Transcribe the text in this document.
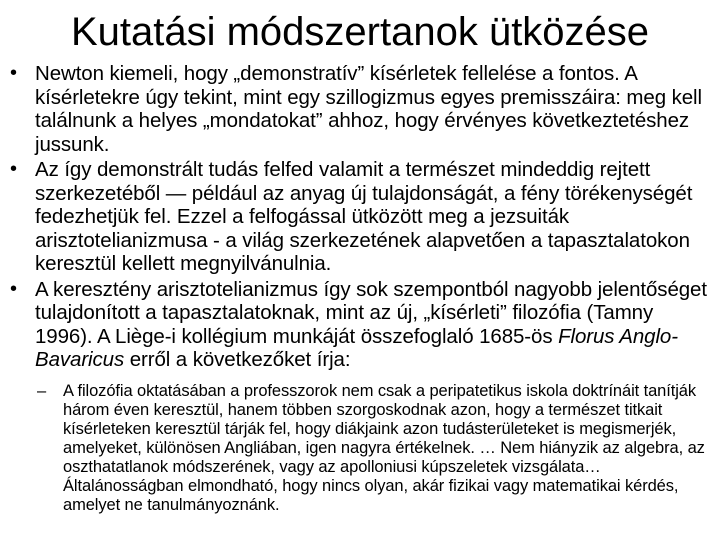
Kutatási módszertanok ütközése
• Newton kiemeli, hogy „demonstratív” kísérletek fellelése a fontos. A kísérletekre úgy tekint, mint egy szillogizmus egyes premisszáira: meg kell találnunk a helyes „mondatokat” ahhoz, hogy érvényes következtetéshez jussunk.
• Az így demonstrált tudás felfed valamit a természet mindeddig rejtett szerkezetéből — például az anyag új tulajdonságát, a fény törékenységét fedezhetjük fel. Ezzel a felfogással ütközött meg a jezsuiták arisztotelianizmusa - a világ szerkezetének alapvetően a tapasztalatokon keresztül kellett megnyilvánulnia.
• A keresztény arisztotelianizmus így sok szempontból nagyobb jelentőséget tulajdonított a tapasztalatoknak, mint az új, „kísérleti” filozófia (Tamny 1996). A Liège-i kollégium munkáját összefoglaló 1685-ös Florus Anglo-Bavaricus erről a következőket írja:
– A filozófia oktatásában a professzorok nem csak a peripatetikus iskola doktrínáit tanítják három éven keresztül, hanem többen szorgoskodnak azon, hogy a természet titkait kísérleteken keresztül tárják fel, hogy diákjaink azon tudásterületeket is megismerjék, amelyeket, különösen Angliában, igen nagyra értékelnek. … Nem hiányzik az algebra, az oszthatatlanok módszerének, vagy az apolloniusi kúpszeletek vizsgálata… Általánosságban elmondható, hogy nincs olyan, akár fizikai vagy matematikai kérdés, amelyet ne tanulmányoznánk.
